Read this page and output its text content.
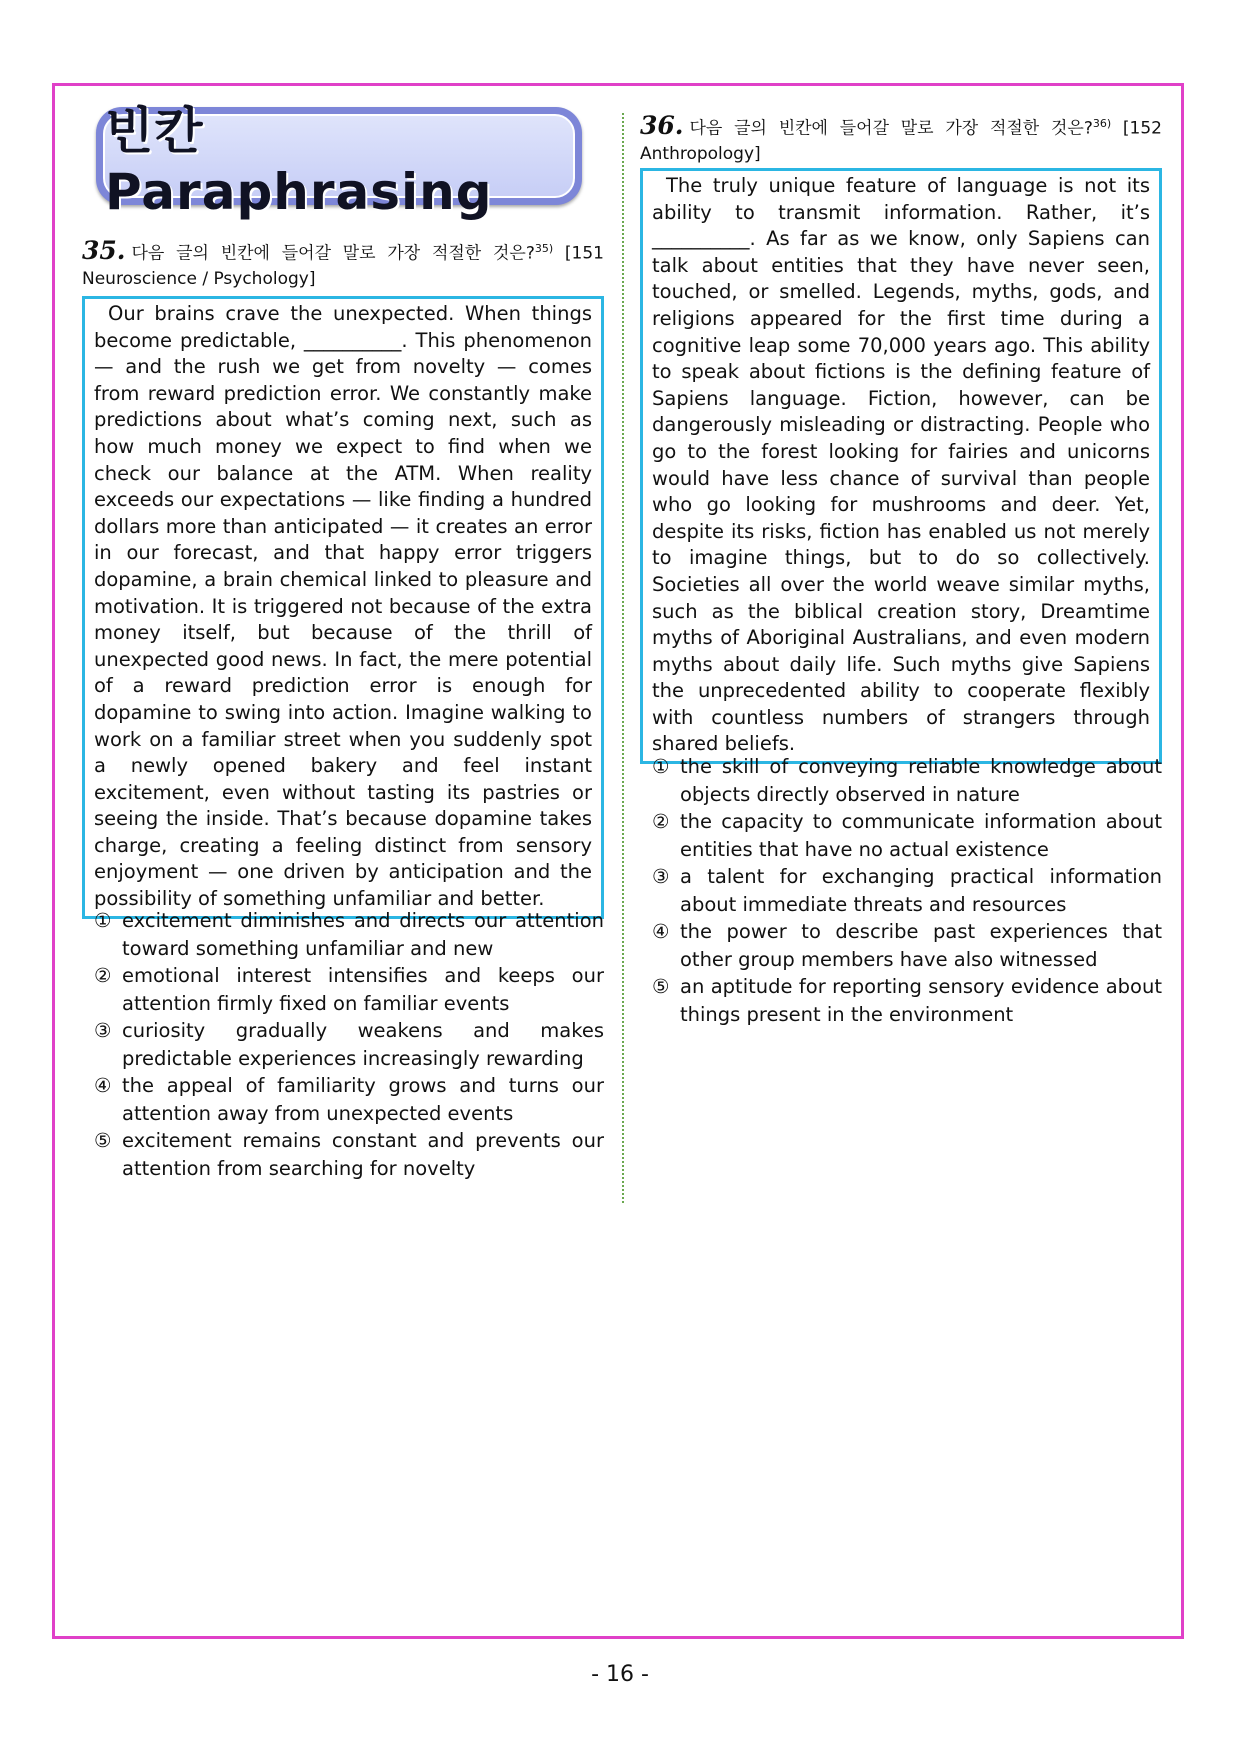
빈칸 Paraphrasing
35. 다음 글의 빈칸에 들어갈 말로 가장 적절한 것은?$^{35)}$ [151 Neuroscience / Psychology]

Our brains crave the unexpected. When things become predictable, __________. This phenomenon — and the rush we get from novelty — comes from reward prediction error. We constantly make predictions about what’s coming next, such as how much money we expect to find when we check our balance at the ATM. When reality exceeds our expectations — like finding a hundred dollars more than anticipated — it creates an error in our forecast, and that happy error triggers dopamine, a brain chemical linked to pleasure and motivation. It is triggered not because of the extra money itself, but because of the thrill of unexpected good news. In fact, the mere potential of a reward prediction error is enough for dopamine to swing into action. Imagine walking to work on a familiar street when you suddenly spot a newly opened bakery and feel instant excitement, even without tasting its pastries or seeing the inside. That’s because dopamine takes charge, creating a feeling distinct from sensory enjoyment — one driven by anticipation and the possibility of something unfamiliar and better.

① excitement diminishes and directs our attention toward something unfamiliar and new
② emotional interest intensifies and keeps our attention firmly fixed on familiar events
③ curiosity gradually weakens and makes predictable experiences increasingly rewarding
④ the appeal of familiarity grows and turns our attention away from unexpected events
⑤ excitement remains constant and prevents our attention from searching for novelty
36. 다음 글의 빈칸에 들어갈 말로 가장 적절한 것은?$^{36)}$ [152 Anthropology]

The truly unique feature of language is not its ability to transmit information. Rather, it’s __________. As far as we know, only Sapiens can talk about entities that they have never seen, touched, or smelled. Legends, myths, gods, and religions appeared for the first time during a cognitive leap some 70,000 years ago. This ability to speak about fictions is the defining feature of Sapiens language. Fiction, however, can be dangerously misleading or distracting. People who go to the forest looking for fairies and unicorns would have less chance of survival than people who go looking for mushrooms and deer. Yet, despite its risks, fiction has enabled us not merely to imagine things, but to do so collectively. Societies all over the world weave similar myths, such as the biblical creation story, Dreamtime myths of Aboriginal Australians, and even modern myths about daily life. Such myths give Sapiens the unprecedented ability to cooperate flexibly with countless numbers of strangers through shared beliefs.

① the skill of conveying reliable knowledge about objects directly observed in nature
② the capacity to communicate information about entities that have no actual existence
③ a talent for exchanging practical information about immediate threats and resources
④ the power to describe past experiences that other group members have also witnessed
⑤ an aptitude for reporting sensory evidence about things present in the environment
- 16 -
